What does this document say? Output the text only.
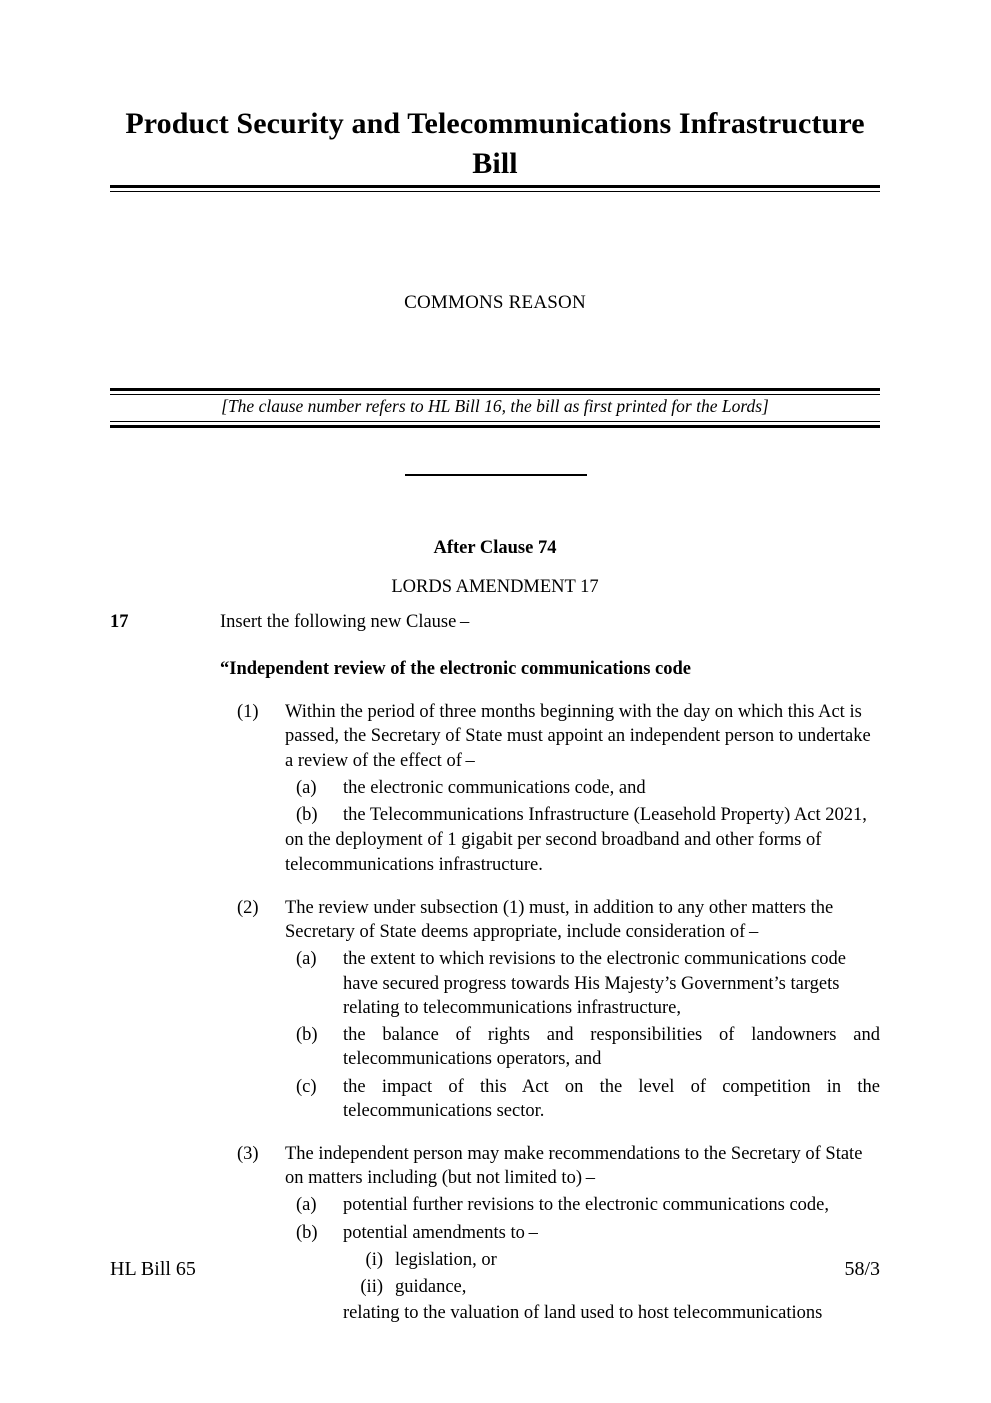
Product Security and Telecommunications Infrastructure Bill
COMMONS REASON
[The clause number refers to HL Bill 16, the bill as first printed for the Lords]
After Clause 74
LORDS AMENDMENT 17
17	Insert the following new Clause –
“Independent review of the electronic communications code
(1)	Within the period of three months beginning with the day on which this Act is passed, the Secretary of State must appoint an independent person to undertake a review of the effect of –
(a)	the electronic communications code, and
(b)	the Telecommunications Infrastructure (Leasehold Property) Act 2021,
on the deployment of 1 gigabit per second broadband and other forms of telecommunications infrastructure.
(2)	The review under subsection (1) must, in addition to any other matters the Secretary of State deems appropriate, include consideration of –
(a)	the extent to which revisions to the electronic communications code have secured progress towards His Majesty’s Government’s targets relating to telecommunications infrastructure,
(b)	the balance of rights and responsibilities of landowners and telecommunications operators, and
(c)	the impact of this Act on the level of competition in the telecommunications sector.
(3)	The independent person may make recommendations to the Secretary of State on matters including (but not limited to) –
(a)	potential further revisions to the electronic communications code,
(b)	potential amendments to –
(i) legislation, or
(ii) guidance,
relating to the valuation of land used to host telecommunications
HL Bill 65	58/3
